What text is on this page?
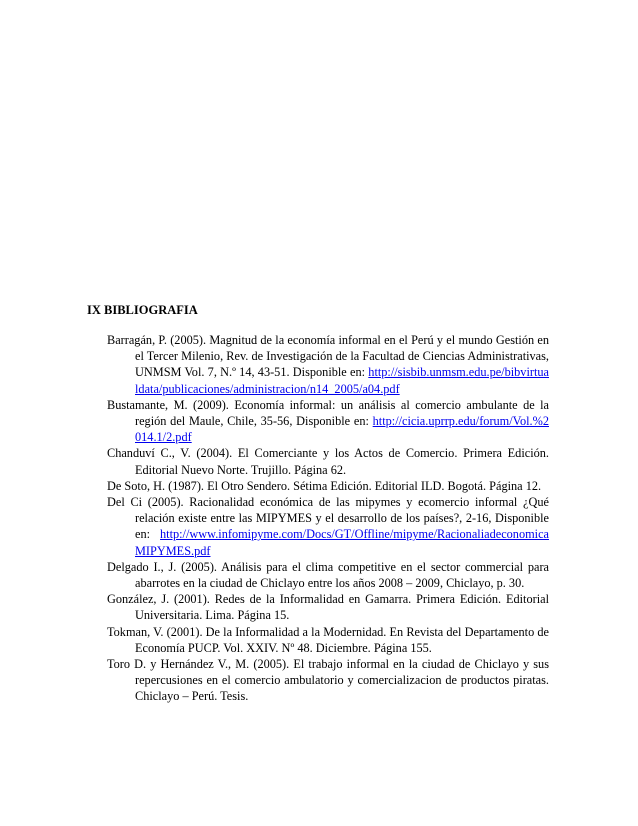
IX BIBLIOGRAFIA

Barragán, P. (2005). Magnitud de la economía informal en el Perú y el mundo Gestión en el Tercer Milenio, Rev. de Investigación de la Facultad de Ciencias Administrativas, UNMSM Vol. 7, N.º 14, 43-51. Disponible en: http://sisbib.unmsm.edu.pe/bibvirtualdata/publicaciones/administracion/n14_2005/a04.pdf

Bustamante, M. (2009). Economía informal: un análisis al comercio ambulante de la región del Maule, Chile, 35-56, Disponible en: http://cicia.uprrp.edu/forum/Vol.%2014.1/2.pdf

Chanduví C., V. (2004). El Comerciante y los Actos de Comercio. Primera Edición. Editorial Nuevo Norte. Trujillo. Página 62.

De Soto, H. (1987). El Otro Sendero. Sétima Edición. Editorial ILD. Bogotá. Página 12.

Del Ci (2005). Racionalidad económica de las mipymes y ecomercio informal ¿Qué relación existe entre las MIPYMES y el desarrollo de los países?, 2-16, Disponible en: http://www.infomipyme.com/Docs/GT/Offline/mipyme/RacionaliadeconomicaMIPYMES.pdf

Delgado I., J. (2005). Análisis para el clima competitive en el sector commercial para abarrotes en la ciudad de Chiclayo entre los años 2008 – 2009, Chiclayo, p. 30.

González, J. (2001). Redes de la Informalidad en Gamarra. Primera Edición. Editorial Universitaria. Lima. Página 15.

Tokman, V. (2001). De la Informalidad a la Modernidad. En Revista del Departamento de Economía PUCP. Vol. XXIV. Nº 48. Diciembre. Página 155.

Toro D. y Hernández V., M. (2005). El trabajo informal en la ciudad de Chiclayo y sus repercusiones en el comercio ambulatorio y comercializacion de productos piratas. Chiclayo – Perú. Tesis.
